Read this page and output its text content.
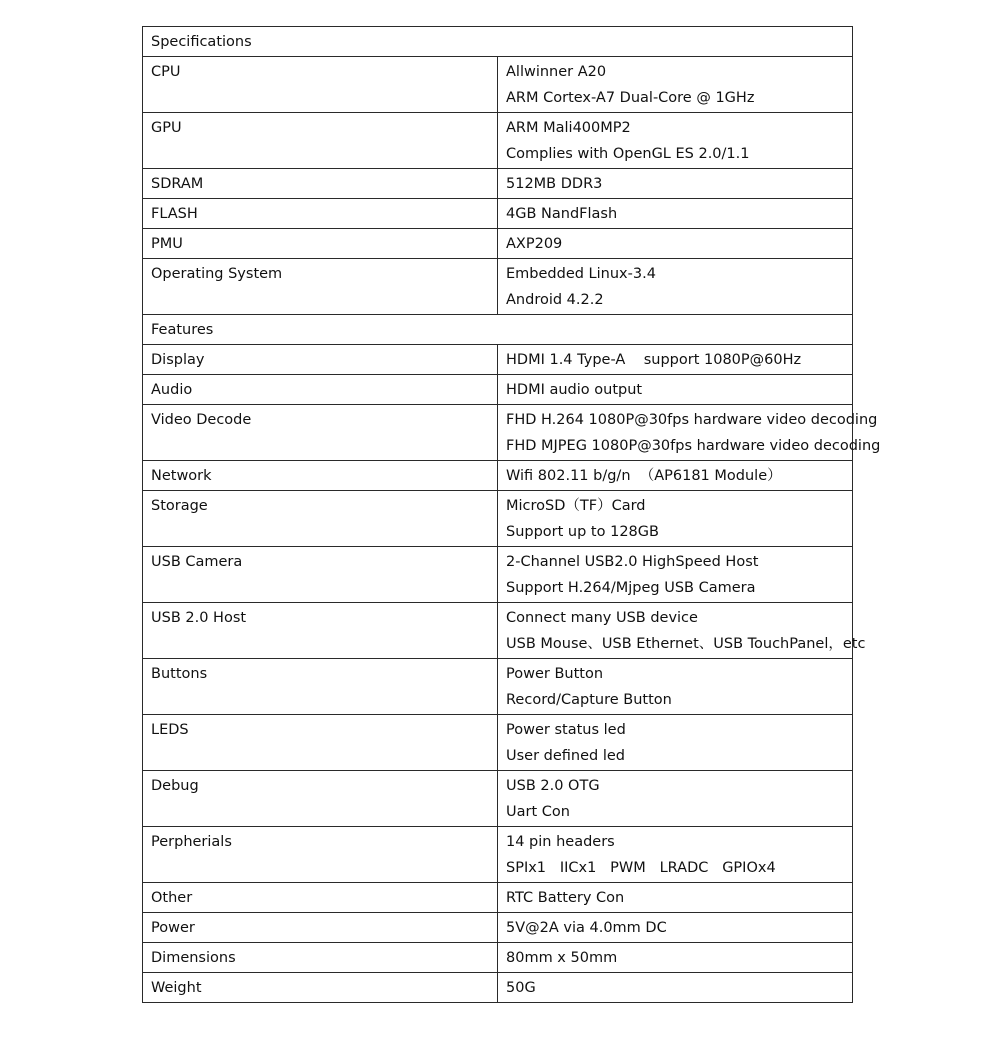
Specifications	
CPU	Allwinner A20
ARM Cortex-A7 Dual-Core @ 1GHz

GPU	ARM Mali400MP2
Complies with OpenGL ES 2.0/1.1

SDRAM	512MB DDR3

FLASH	4GB NandFlash

PMU	AXP209

Operating System	Embedded Linux-3.4
Android 4.2.2

Features	
Display	HDMI 1.4 Type-A    support 1080P@60Hz

Audio	HDMI audio output

Video Decode	FHD H.264 1080P@30fps hardware video decoding
FHD MJPEG 1080P@30fps hardware video decoding

Network	Wifi 802.11 b/g/n  （AP6181 Module）

Storage	MicroSD（TF）Card
Support up to 128GB

USB Camera	2-Channel USB2.0 HighSpeed Host
Support H.264/Mjpeg USB Camera

USB 2.0 Host	Connect many USB device
USB Mouse、USB Ethernet、USB TouchPanel，etc

Buttons	Power Button
Record/Capture Button

LEDS	Power status led
User defined led

Debug	USB 2.0 OTG
Uart Con

Perpherials	14 pin headers
SPIx1   IICx1   PWM   LRADC   GPIOx4

Other	RTC Battery Con

Power	5V@2A via 4.0mm DC

Dimensions	80mm x 50mm

Weight	50G
